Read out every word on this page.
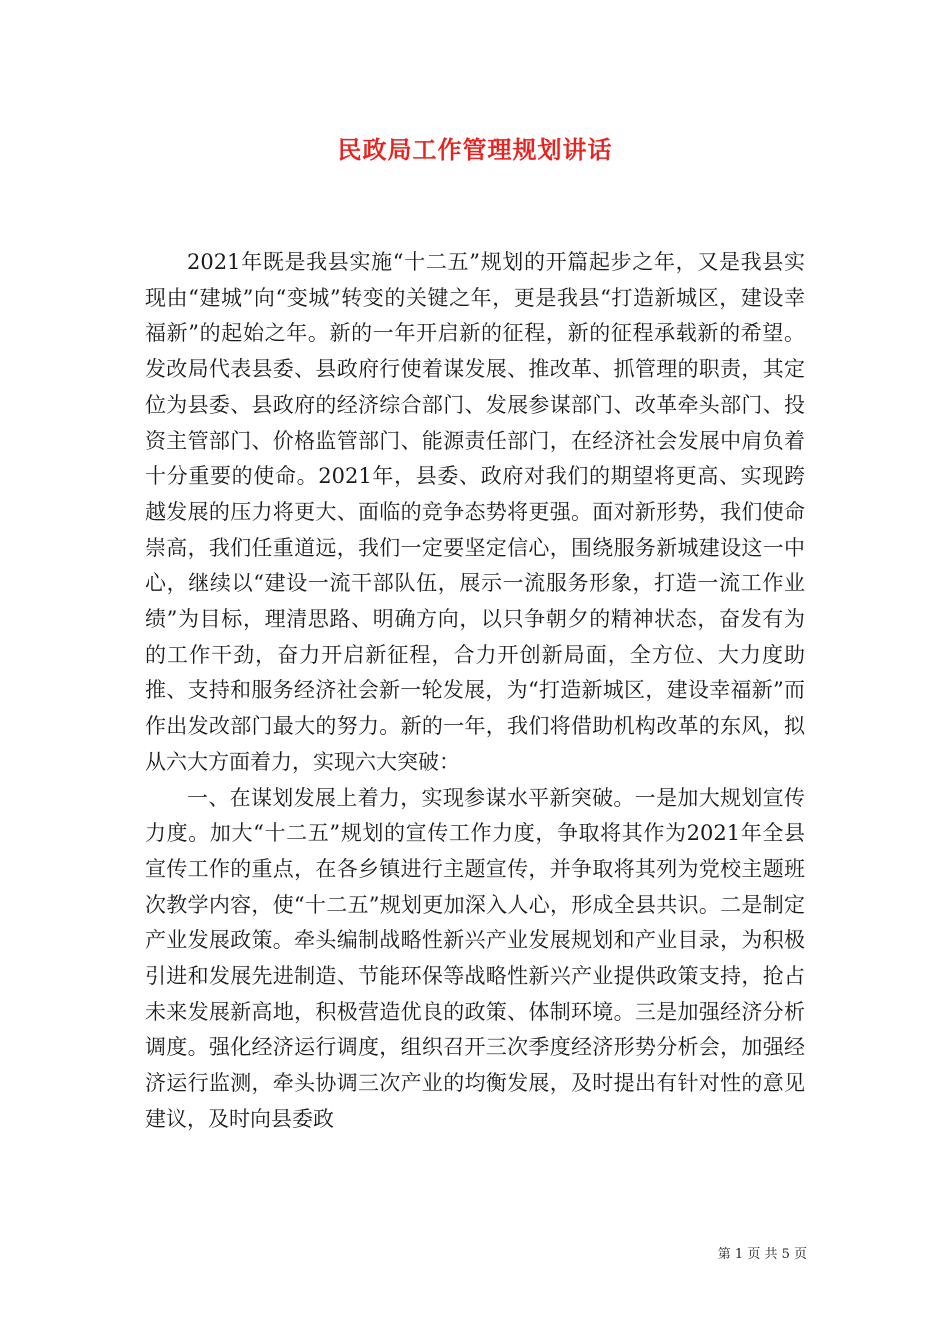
民政局工作管理规划讲话

2021年既是我县实施“十二五”规划的开篇起步之年，又是我县实现由“建城”向“变城”转变的关键之年，更是我县“打造新城区，建设幸福新”的起始之年。新的一年开启新的征程，新的征程承载新的希望。发改局代表县委、县政府行使着谋发展、推改革、抓管理的职责，其定位为县委、县政府的经济综合部门、发展参谋部门、改革牵头部门、投资主管部门、价格监管部门、能源责任部门，在经济社会发展中肩负着十分重要的使命。2021年，县委、政府对我们的期望将更高、实现跨越发展的压力将更大、面临的竞争态势将更强。面对新形势，我们使命崇高，我们任重道远，我们一定要坚定信心，围绕服务新城建设这一中心，继续以“建设一流干部队伍，展示一流服务形象，打造一流工作业绩”为目标，理清思路、明确方向，以只争朝夕的精神状态，奋发有为的工作干劲，奋力开启新征程，合力开创新局面，全方位、大力度助推、支持和服务经济社会新一轮发展，为“打造新城区，建设幸福新”而作出发改部门最大的努力。新的一年，我们将借助机构改革的东风，拟从六大方面着力，实现六大突破：

一、在谋划发展上着力，实现参谋水平新突破。一是加大规划宣传力度。加大“十二五”规划的宣传工作力度，争取将其作为2021年全县宣传工作的重点，在各乡镇进行主题宣传，并争取将其列为党校主题班次教学内容，使“十二五”规划更加深入人心，形成全县共识。二是制定产业发展政策。牵头编制战略性新兴产业发展规划和产业目录，为积极引进和发展先进制造、节能环保等战略性新兴产业提供政策支持，抢占未来发展新高地，积极营造优良的政策、体制环境。三是加强经济分析调度。强化经济运行调度，组织召开三次季度经济形势分析会，加强经济运行监测，牵头协调三次产业的均衡发展，及时提出有针对性的意见建议，及时向县委政

第 1 页 共 5 页
